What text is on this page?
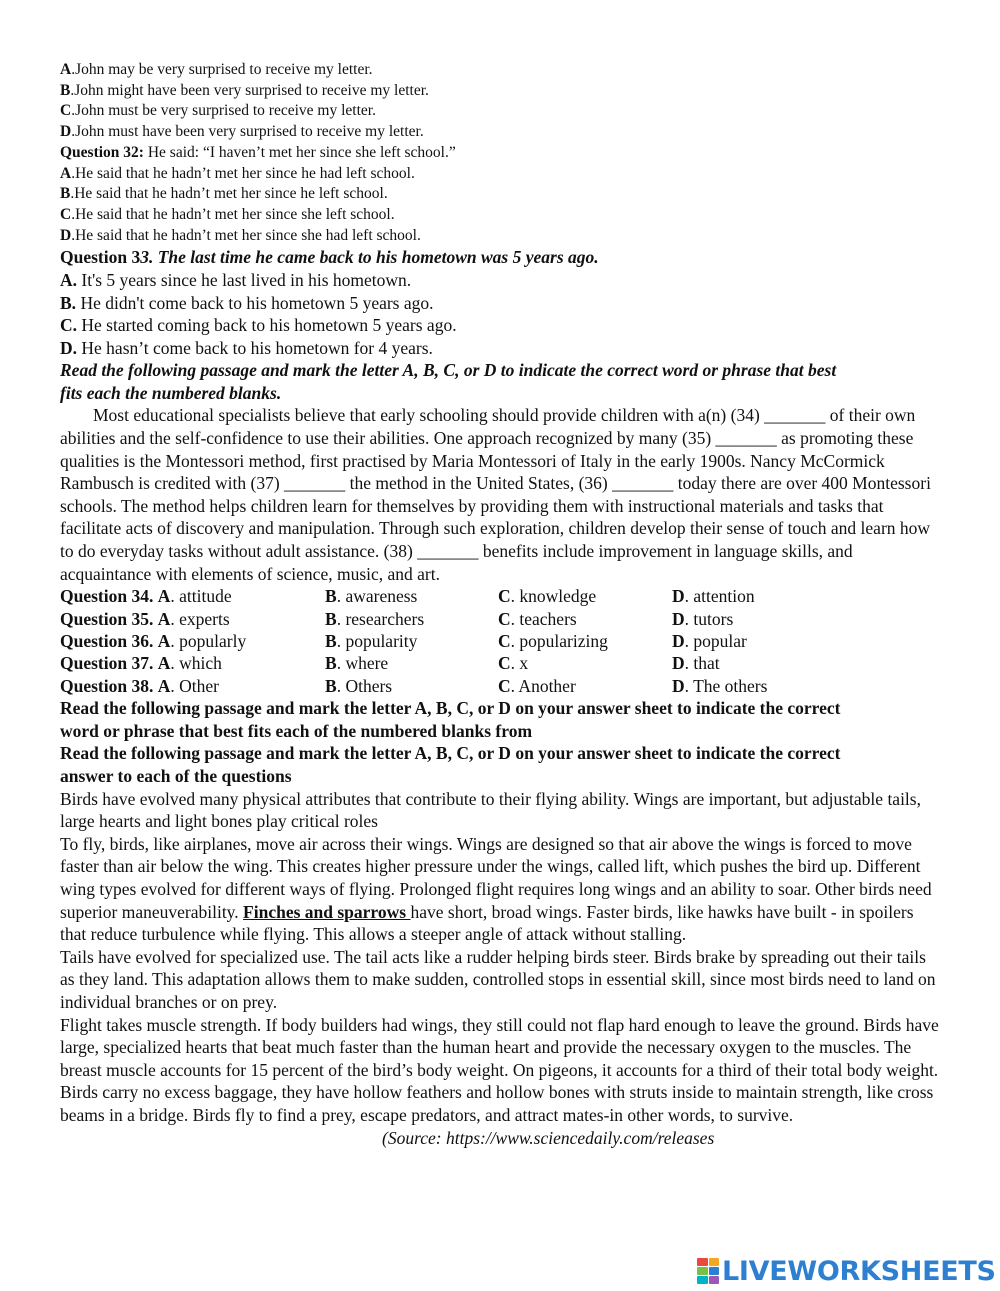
A.John may be very surprised to receive my letter.
B.John might have been very surprised to receive my letter.
C.John must be very surprised to receive my letter.
D.John must have been very surprised to receive my letter.
Question 32: He said: “I haven’t met her since she left school.”
A.He said that he hadn’t met her since he had left school.
B.He said that he hadn’t met her since he left school.
C.He said that he hadn’t met her since she left school.
D.He said that he hadn’t met her since she had left school.
Question 33. The last time he came back to his hometown was 5 years ago.
A. It's 5 years since he last lived in his hometown.
B. He didn't come back to his hometown 5 years ago.
C. He started coming back to his hometown 5 years ago.
D. He hasn’t come back to his hometown for 4 years.
Read the following passage and mark the letter A, B, C, or D to indicate the correct word or phrase that best
fits each the numbered blanks.
Most educational specialists believe that early schooling should provide children with a(n) (34) _______ of their own abilities and the self-confidence to use their abilities. One approach recognized by many (35) _______ as promoting these qualities is the Montessori method, first practised by Maria Montessori of Italy in the early 1900s. Nancy McCormick Rambusch is credited with (37) _______ the method in the United States, (36) _______ today there are over 400 Montessori schools. The method helps children learn for themselves by providing them with instructional materials and tasks that facilitate acts of discovery and manipulation. Through such exploration, children develop their sense of touch and learn how to do everyday tasks without adult assistance. (38) _______ benefits include improvement in language skills, and acquaintance with elements of science, music, and art.
Question 34. A. attitude	B. awareness	C. knowledge	D. attention
Question 35. A. experts	B. researchers	C. teachers	D. tutors
Question 36. A. popularly	B. popularity	C. popularizing	D. popular
Question 37. A. which	B. where	C. x	D. that
Question 38. A. Other	B. Others	C. Another	D. The others
Read the following passage and mark the letter A, B, C, or D on your answer sheet to indicate the correct
word or phrase that best fits each of the numbered blanks from
Read the following passage and mark the letter A, B, C, or D on your answer sheet to indicate the correct
answer to each of the questions
Birds have evolved many physical attributes that contribute to their flying ability. Wings are important, but adjustable tails, large hearts and light bones play critical roles
To fly, birds, like airplanes, move air across their wings. Wings are designed so that air above the wings is forced to move faster than air below the wing. This creates higher pressure under the wings, called lift, which pushes the bird up. Different wing types evolved for different ways of flying. Prolonged flight requires long wings and an ability to soar. Other birds need superior maneuverability. Finches and sparrows have short, broad wings. Faster birds, like hawks have built - in spoilers that reduce turbulence while flying. This allows a steeper angle of attack without stalling.
Tails have evolved for specialized use. The tail acts like a rudder helping birds steer. Birds brake by spreading out their tails as they land. This adaptation allows them to make sudden, controlled stops in essential skill, since most birds need to land on individual branches or on prey.
Flight takes muscle strength. If body builders had wings, they still could not flap hard enough to leave the ground. Birds have large, specialized hearts that beat much faster than the human heart and provide the necessary oxygen to the muscles. The breast muscle accounts for 15 percent of the bird’s body weight. On pigeons, it accounts for a third of their total body weight. Birds carry no excess baggage, they have hollow feathers and hollow bones with struts inside to maintain strength, like cross beams in a bridge. Birds fly to find a prey, escape predators, and attract mates-in other words, to survive.
(Source: https://www.sciencedaily.com/releases
LIVEWORKSHEETS
